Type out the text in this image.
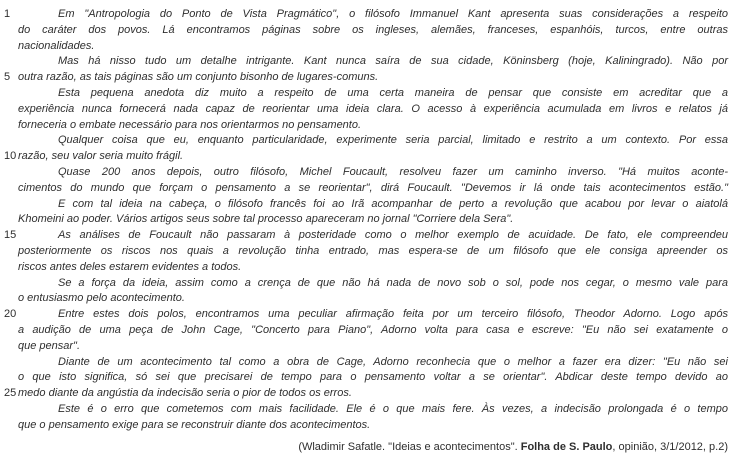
1	Em "Antropologia do Ponto de Vista Pragmático", o filósofo Immanuel Kant apresenta suas considerações a respeito
do caráter dos povos. Lá encontramos páginas sobre os ingleses, alemães, franceses, espanhóis, turcos, entre outras
nacionalidades.
Mas há nisso tudo um detalhe intrigante. Kant nunca saíra de sua cidade, Köninsberg (hoje, Kaliningrado). Não por
5 outra razão, as tais páginas são um conjunto bisonho de lugares-comuns.
Esta pequena anedota diz muito a respeito de uma certa maneira de pensar que consiste em acreditar que a
experiência nunca fornecerá nada capaz de reorientar uma ideia clara. O acesso à experiência acumulada em livros e relatos já
forneceria o embate necessário para nos orientarmos no pensamento.
Qualquer coisa que eu, enquanto particularidade, experimente seria parcial, limitado e restrito a um contexto. Por essa
10 razão, seu valor seria muito frágil.
Quase 200 anos depois, outro filósofo, Michel Foucault, resolveu fazer um caminho inverso. "Há muitos aconte-
cimentos do mundo que forçam o pensamento a se reorientar", dirá Foucault. "Devemos ir lá onde tais acontecimentos estão."
E com tal ideia na cabeça, o filósofo francês foi ao Irã acompanhar de perto a revolução que acabou por levar o aiatolá
Khomeini ao poder. Vários artigos seus sobre tal processo apareceram no jornal "Corriere dela Sera".
15	As análises de Foucault não passaram à posteridade como o melhor exemplo de acuidade. De fato, ele compreendeu
posteriormente os riscos nos quais a revolução tinha entrado, mas espera-se de um filósofo que ele consiga apreender os
riscos antes deles estarem evidentes a todos.
Se a força da ideia, assim como a crença de que não há nada de novo sob o sol, pode nos cegar, o mesmo vale para
o entusiasmo pelo acontecimento.
20	Entre estes dois polos, encontramos uma peculiar afirmação feita por um terceiro filósofo, Theodor Adorno. Logo após
a audição de uma peça de John Cage, "Concerto para Piano", Adorno volta para casa e escreve: "Eu não sei exatamente o
que pensar".
Diante de um acontecimento tal como a obra de Cage, Adorno reconhecia que o melhor a fazer era dizer: "Eu não sei
o que isto significa, só sei que precisarei de tempo para o pensamento voltar a se orientar". Abdicar deste tempo devido ao
25 medo diante da angústia da indecisão seria o pior de todos os erros.
Este é o erro que cometemos com mais facilidade. Ele é o que mais fere. Às vezes, a indecisão prolongada é o tempo
que o pensamento exige para se reconstruir diante dos acontecimentos.
(Wladimir Safatle. "Ideias e acontecimentos". Folha de S. Paulo, opinião, 3/1/2012, p.2)
